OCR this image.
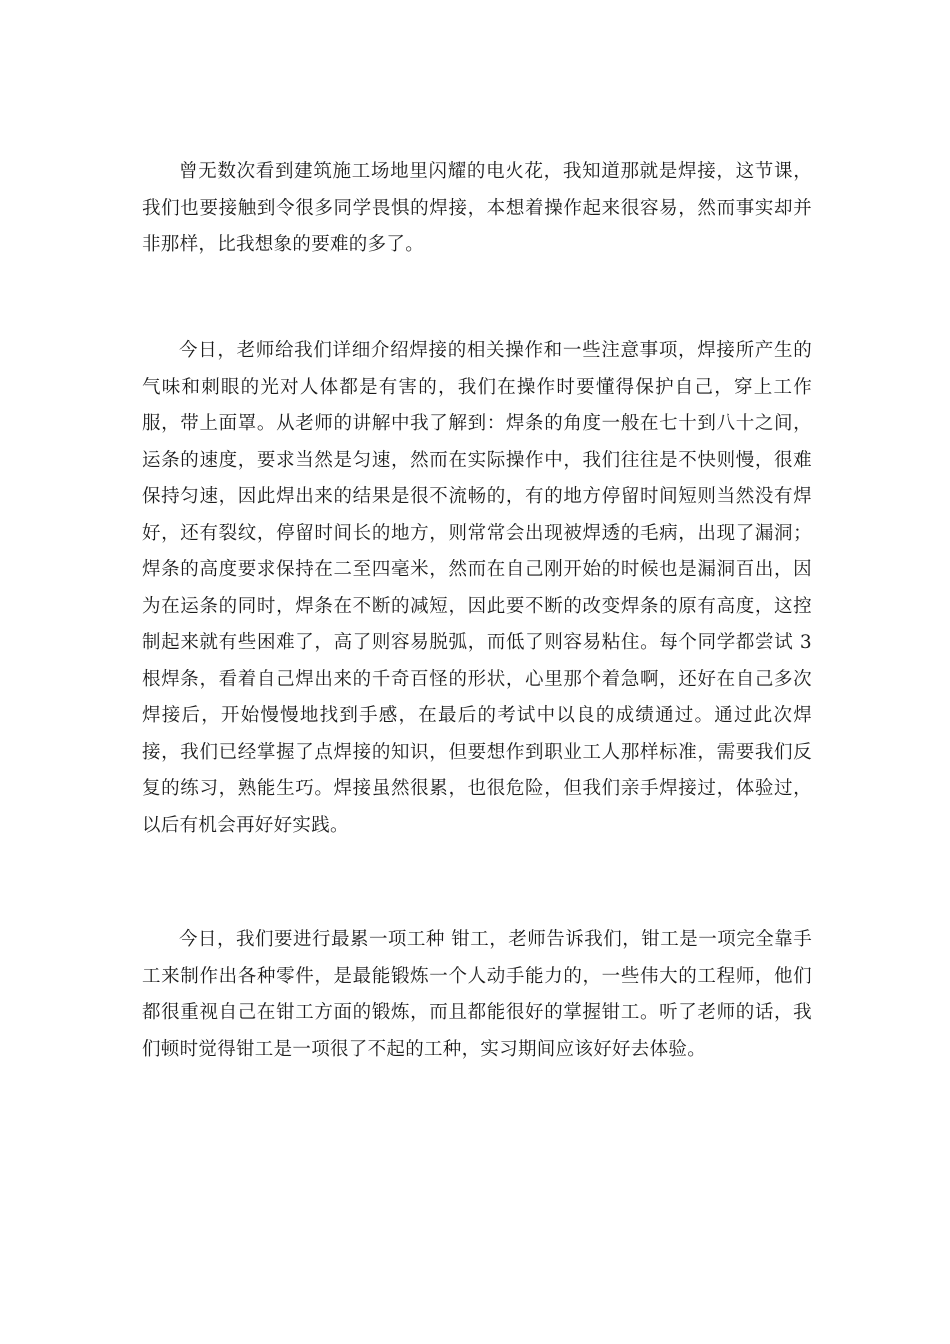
曾无数次看到建筑施工场地里闪耀的电火花，我知道那就是焊接，这节课，我们也要接触到令很多同学畏惧的焊接，本想着操作起来很容易，然而事实却并非那样，比我想象的要难的多了。

今日，老师给我们详细介绍焊接的相关操作和一些注意事项，焊接所产生的气味和刺眼的光对人体都是有害的，我们在操作时要懂得保护自己，穿上工作服，带上面罩。从老师的讲解中我了解到：焊条的角度一般在七十到八十之间，运条的速度，要求当然是匀速，然而在实际操作中，我们往往是不快则慢，很难保持匀速，因此焊出来的结果是很不流畅的，有的地方停留时间短则当然没有焊好，还有裂纹，停留时间长的地方，则常常会出现被焊透的毛病，出现了漏洞；焊条的高度要求保持在二至四毫米，然而在自己刚开始的时候也是漏洞百出，因为在运条的同时，焊条在不断的减短，因此要不断的改变焊条的原有高度，这控制起来就有些困难了，高了则容易脱弧，而低了则容易粘住。每个同学都尝试 3 根焊条，看着自己焊出来的千奇百怪的形状，心里那个着急啊，还好在自己多次焊接后，开始慢慢地找到手感，在最后的考试中以良的成绩通过。通过此次焊接，我们已经掌握了点焊接的知识，但要想作到职业工人那样标准，需要我们反复的练习，熟能生巧。焊接虽然很累，也很危险，但我们亲手焊接过，体验过，以后有机会再好好实践。

今日，我们要进行最累一项工种 钳工，老师告诉我们，钳工是一项完全靠手工来制作出各种零件，是最能锻炼一个人动手能力的，一些伟大的工程师，他们都很重视自己在钳工方面的锻炼，而且都能很好的掌握钳工。听了老师的话，我们顿时觉得钳工是一项很了不起的工种，实习期间应该好好去体验。
